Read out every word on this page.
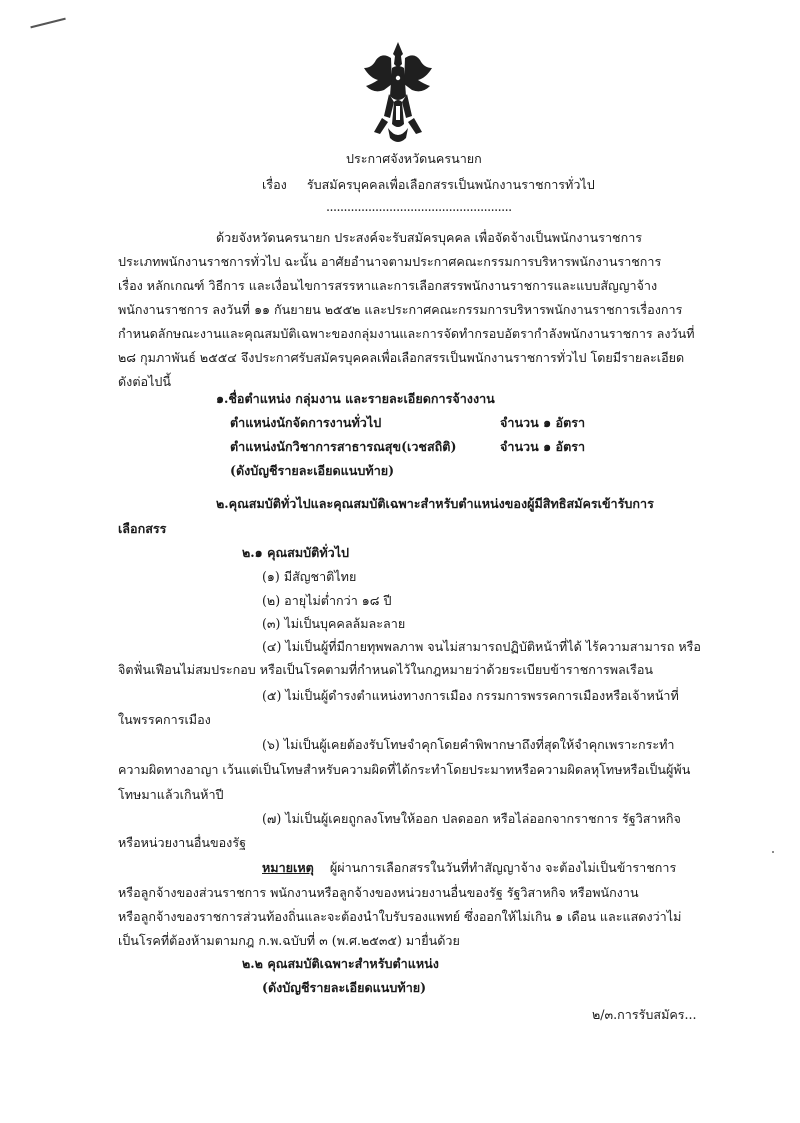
ประกาศจังหวัดนครนายก
เรื่อง รับสมัครบุคคลเพื่อเลือกสรรเป็นพนักงานราชการทั่วไป
.....................................................
ด้วยจังหวัดนครนายก ประสงค์จะรับสมัครบุคคล เพื่อจัดจ้างเป็นพนักงานราชการ
ประเภทพนักงานราชการทั่วไป ฉะนั้น อาศัยอำนาจตามประกาศคณะกรรมการบริหารพนักงานราชการ
เรื่อง หลักเกณฑ์ วิธีการ และเงื่อนไขการสรรหาและการเลือกสรรพนักงานราชการและแบบสัญญาจ้าง
พนักงานราชการ ลงวันที่ ๑๑ กันยายน ๒๕๕๒ และประกาศคณะกรรมการบริหารพนักงานราชการเรื่องการ
กำหนดลักษณะงานและคุณสมบัติเฉพาะของกลุ่มงานและการจัดทำกรอบอัตรากำลังพนักงานราชการ ลงวันที่
๒๘ กุมภาพันธ์ ๒๕๕๔ จึงประกาศรับสมัครบุคคลเพื่อเลือกสรรเป็นพนักงานราชการทั่วไป โดยมีรายละเอียด
ดังต่อไปนี้
๑.ชื่อตำแหน่ง กลุ่มงาน และรายละเอียดการจ้างงาน
ตำแหน่งนักจัดการงานทั่วไป	จำนวน ๑ อัตรา
ตำแหน่งนักวิชาการสาธารณสุข(เวชสถิติ)	จำนวน ๑ อัตรา
(ดังบัญชีรายละเอียดแนบท้าย)
๒.คุณสมบัติทั่วไปและคุณสมบัติเฉพาะสำหรับตำแหน่งของผู้มีสิทธิสมัครเข้ารับการ
เลือกสรร
๒.๑ คุณสมบัติทั่วไป
(๑) มีสัญชาติไทย
(๒) อายุไม่ต่ำกว่า ๑๘ ปี
(๓) ไม่เป็นบุคคลล้มละลาย
(๔) ไม่เป็นผู้ที่มีกายทุพพลภาพ จนไม่สามารถปฏิบัติหน้าที่ได้ ไร้ความสามารถ หรือ
จิตฟั่นเฟือนไม่สมประกอบ หรือเป็นโรคตามที่กำหนดไว้ในกฎหมายว่าด้วยระเบียบข้าราชการพลเรือน
(๕) ไม่เป็นผู้ดำรงตำแหน่งทางการเมือง กรรมการพรรคการเมืองหรือเจ้าหน้าที่
ในพรรคการเมือง
(๖) ไม่เป็นผู้เคยต้องรับโทษจำคุกโดยคำพิพากษาถึงที่สุดให้จำคุกเพราะกระทำ
ความผิดทางอาญา เว้นแต่เป็นโทษสำหรับความผิดที่ได้กระทำโดยประมาทหรือความผิดลหุโทษหรือเป็นผู้พ้น
โทษมาแล้วเกินห้าปี
(๗) ไม่เป็นผู้เคยถูกลงโทษให้ออก ปลดออก หรือไล่ออกจากราชการ รัฐวิสาหกิจ
หรือหน่วยงานอื่นของรัฐ
หมายเหตุ ผู้ผ่านการเลือกสรรในวันที่ทำสัญญาจ้าง จะต้องไม่เป็นข้าราชการ
หรือลูกจ้างของส่วนราชการ พนักงานหรือลูกจ้างของหน่วยงานอื่นของรัฐ รัฐวิสาหกิจ หรือพนักงาน
หรือลูกจ้างของราชการส่วนท้องถิ่นและจะต้องนำใบรับรองแพทย์ ซึ่งออกให้ไม่เกิน ๑ เดือน และแสดงว่าไม่
เป็นโรคที่ต้องห้ามตามกฎ ก.พ.ฉบับที่ ๓ (พ.ศ.๒๕๓๕) มายื่นด้วย
๒.๒ คุณสมบัติเฉพาะสำหรับตำแหน่ง
(ดังบัญชีรายละเอียดแนบท้าย)
๒/๓.การรับสมัคร...
